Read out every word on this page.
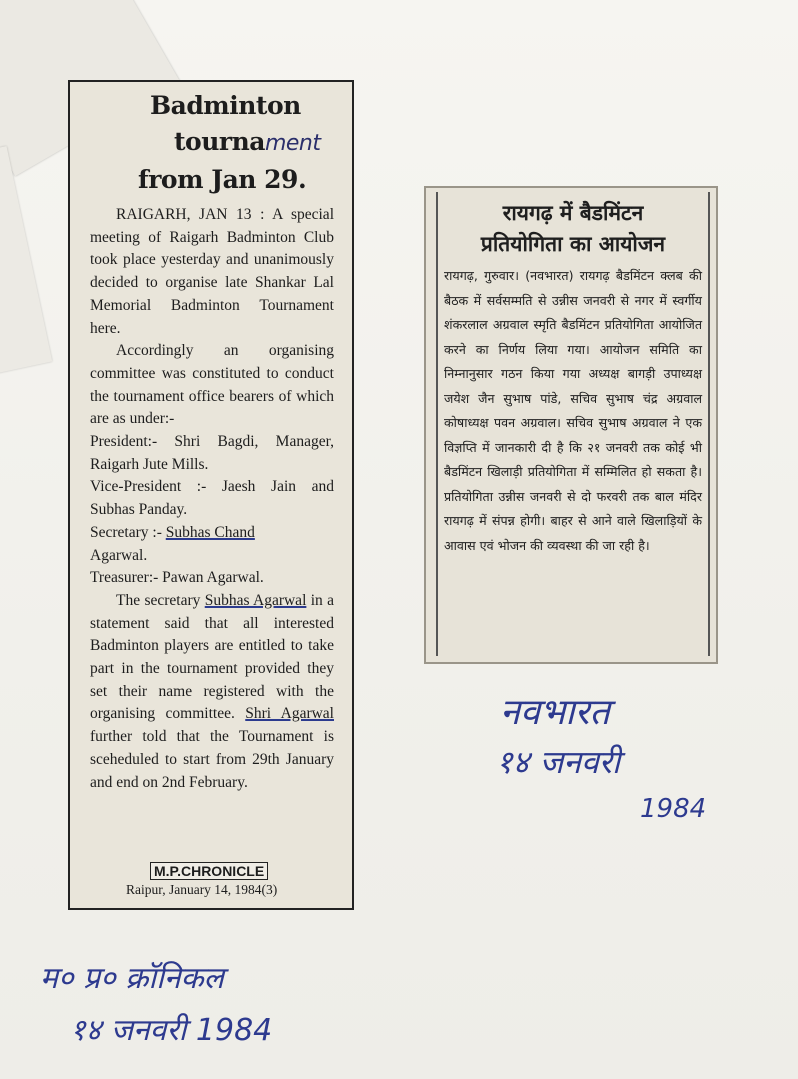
Badminton
tournament
from Jan 29.

RAIGARH, JAN 13 : A special meeting of Raigarh Badminton Club took place yesterday and unanimously decided to organise late Shankar Lal Memorial Badminton Tournament here.

Accordingly an organising committee was constituted to conduct the tournament office bearers of which are as under:-

President:- Shri Bagdi, Manager, Raigarh Jute Mills.

Vice-President :- Jaesh Jain and Subhas Panday.

Secretary :- Subhas Chand
Agarwal.

Treasurer:- Pawan Agarwal.

The secretary Subhas Agarwal in a statement said that all interested Badminton players are entitled to take part in the tournament provided they set their name registered with the organising committee. Shri Agarwal further told that the Tournament is sceheduled to start from 29th January and end on 2nd February.

M.P.CHRONICLE
Raipur, January 14, 1984(3)
रायगढ़ में बैडमिंटन
प्रतियोगिता का आयोजन
रायगढ़, गुरुवार। (नवभारत) रायगढ़ बैडमिंटन क्लब की बैठक में सर्वसम्मति से उन्नीस जनवरी से नगर में स्वर्गीय शंकरलाल अग्रवाल स्मृति बैडमिंटन प्रतियोगिता आयोजित करने का निर्णय लिया गया। आयोजन समिति का निम्नानुसार गठन किया गया अध्यक्ष बागड़ी उपाध्यक्ष जयेश जैन सुभाष पांडे, सचिव सुभाष चंद्र अग्रवाल कोषाध्यक्ष पवन अग्रवाल। सचिव सुभाष अग्रवाल ने एक विज्ञप्ति में जानकारी दी है कि २१ जनवरी तक कोई भी बैडमिंटन खिलाड़ी प्रतियोगिता में सम्मिलित हो सकता है। प्रतियोगिता उन्नीस जनवरी से दो फरवरी तक बाल मंदिर रायगढ़ में संपन्न होगी। बाहर से आने वाले खिलाड़ियों के आवास एवं भोजन की व्यवस्था की जा रही है।
नवभारत
१४ जनवरी
1984
म० प्र० क्रॉनिकल
१४ जनवरी 1984
